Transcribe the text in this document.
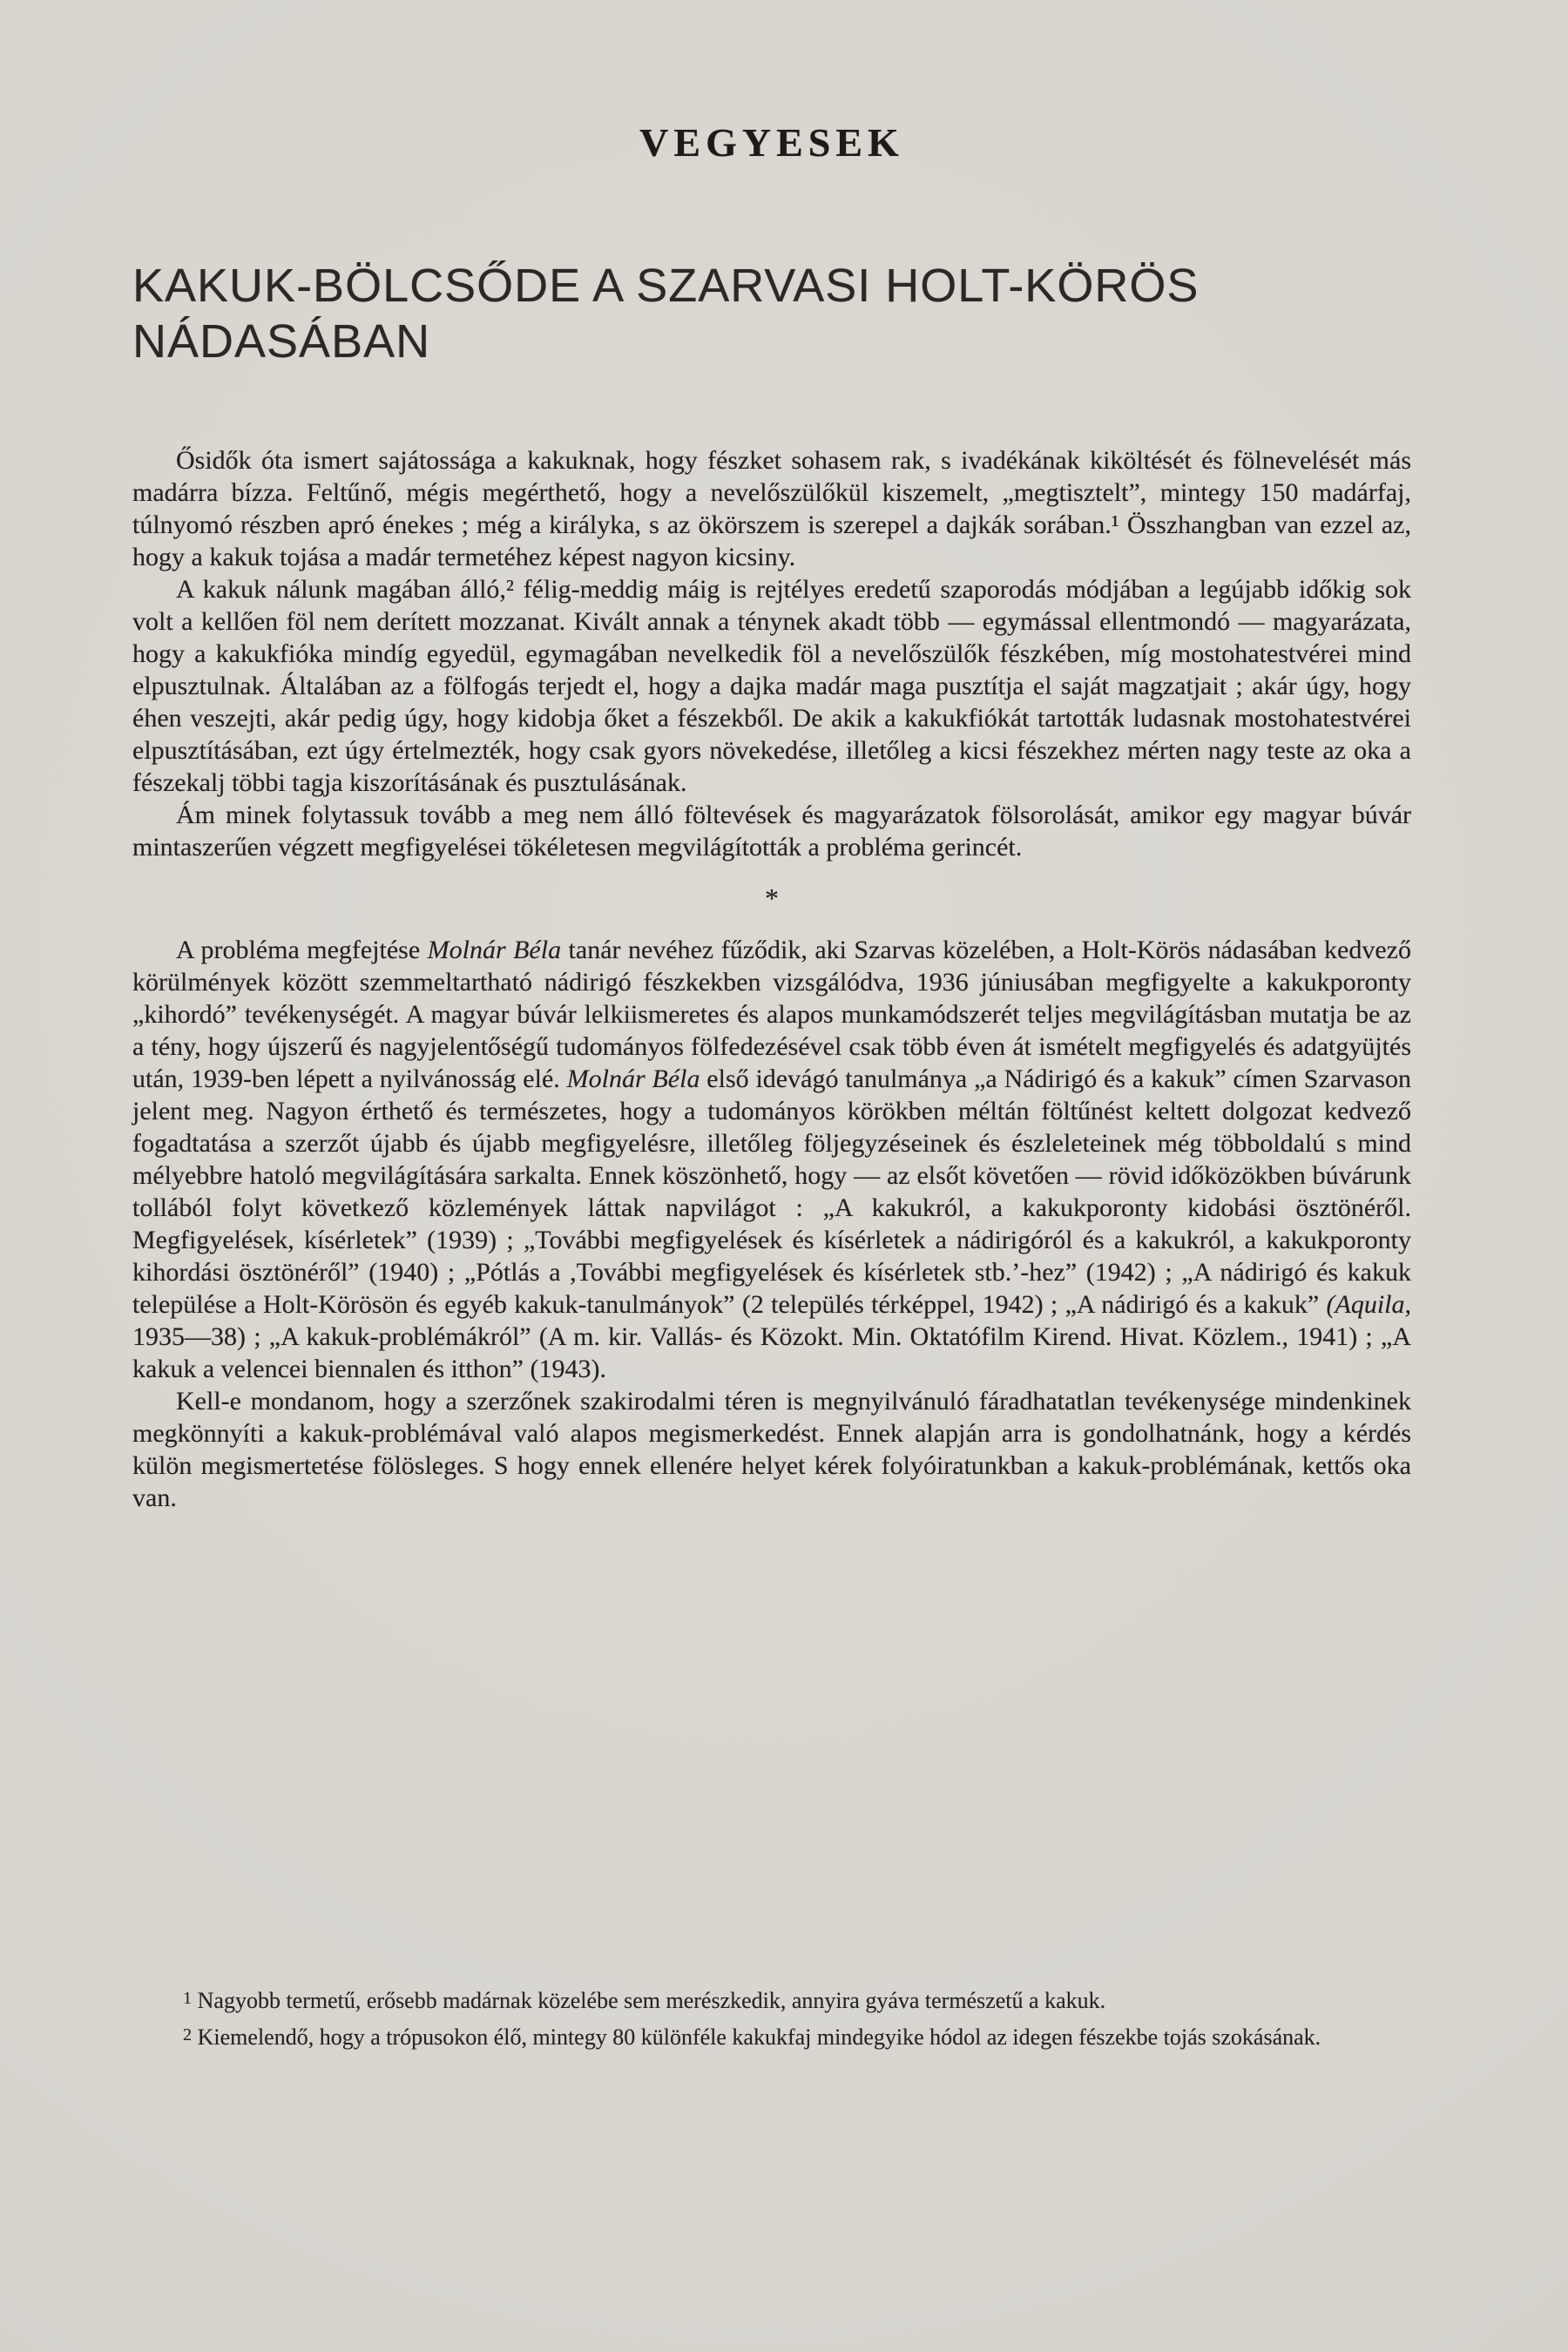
VEGYESEK
KAKUK-BÖLCSŐDE A SZARVASI HOLT-KÖRÖS
NÁDASÁBAN

Ősidők óta ismert sajátossága a kakuknak, hogy fészket sohasem rak, s ivadékának kiköltését és fölnevelését más madárra bízza. Feltűnő, mégis megérthető, hogy a nevelőszülőkül kiszemelt, „megtisztelt”, mintegy 150 madárfaj, túlnyomó részben apró énekes ; még a királyka, s az ökörszem is szerepel a dajkák sorában.¹ Összhangban van ezzel az, hogy a kakuk tojása a madár termetéhez képest nagyon kicsiny.

A kakuk nálunk magában álló,² félig-meddig máig is rejtélyes eredetű szaporodás módjában a legújabb időkig sok volt a kellően föl nem derített mozzanat. Kivált annak a ténynek akadt több — egymással ellentmondó — magyarázata, hogy a kakukfióka mindíg egyedül, egymagában nevelkedik föl a nevelőszülők fészkében, míg mostohatestvérei mind elpusztulnak. Általában az a fölfogás terjedt el, hogy a dajka madár maga pusztítja el saját magzatjait ; akár úgy, hogy éhen veszejti, akár pedig úgy, hogy kidobja őket a fészekből. De akik a kakukfiókát tartották ludasnak mostohatestvérei elpusztításában, ezt úgy értelmezték, hogy csak gyors növekedése, illetőleg a kicsi fészekhez mérten nagy teste az oka a fészekalj többi tagja kiszorításának és pusztulásának.

Ám minek folytassuk tovább a meg nem álló föltevések és magyarázatok fölsorolását, amikor egy magyar búvár mintaszerűen végzett megfigyelései tökéletesen megvilágították a probléma gerincét.

*

A probléma megfejtése Molnár Béla tanár nevéhez fűződik, aki Szarvas közelében, a Holt-Körös nádasában kedvező körülmények között szemmeltartható nádirigó fészkekben vizsgálódva, 1936 júniusában megfigyelte a kakukporonty „kihordó” tevékenységét. A magyar búvár lelkiismeretes és alapos munkamódszerét teljes megvilágításban mutatja be az a tény, hogy újszerű és nagyjelentőségű tudományos fölfedezésével csak több éven át ismételt megfigyelés és adatgyüjtés után, 1939-ben lépett a nyilvánosság elé. Molnár Béla első idevágó tanulmánya „a Nádirigó és a kakuk” címen Szarvason jelent meg. Nagyon érthető és természetes, hogy a tudományos körökben méltán föltűnést keltett dolgozat kedvező fogadtatása a szerzőt újabb és újabb megfigyelésre, illetőleg följegyzéseinek és észleleteinek még többoldalú s mind mélyebbre hatoló megvilágítására sarkalta. Ennek köszönhető, hogy — az elsőt követően — rövid időközökben búvárunk tollából folyt következő közlemények láttak napvilágot : „A kakukról, a kakukporonty kidobási ösztönéről. Megfigyelések, kísérletek” (1939) ; „További megfigyelések és kísérletek a nádirigóról és a kakukról, a kakukporonty kihordási ösztönéről” (1940) ; „Pótlás a ,További megfigyelések és kísérletek stb.’-hez” (1942) ; „A nádirigó és kakuk települése a Holt-Körösön és egyéb kakuk-tanulmányok” (2 település térképpel, 1942) ; „A nádirigó és a kakuk” (Aquila, 1935—38) ; „A kakuk-problémákról” (A m. kir. Vallás- és Közokt. Min. Oktatófilm Kirend. Hivat. Közlem., 1941) ; „A kakuk a velencei biennalen és itthon” (1943).

Kell-e mondanom, hogy a szerzőnek szakirodalmi téren is megnyilvánuló fáradhatatlan tevékenysége mindenkinek megkönnyíti a kakuk-problémával való alapos megismerkedést. Ennek alapján arra is gondolhatnánk, hogy a kérdés külön megismertetése fölösleges. S hogy ennek ellenére helyet kérek folyóiratunkban a kakuk-problémának, kettős oka van.

1 Nagyobb termetű, erősebb madárnak közelébe sem merészkedik, annyira gyáva természetű a kakuk.

2 Kiemelendő, hogy a trópusokon élő, mintegy 80 különféle kakukfaj mindegyike hódol az idegen fészekbe tojás szokásának.
